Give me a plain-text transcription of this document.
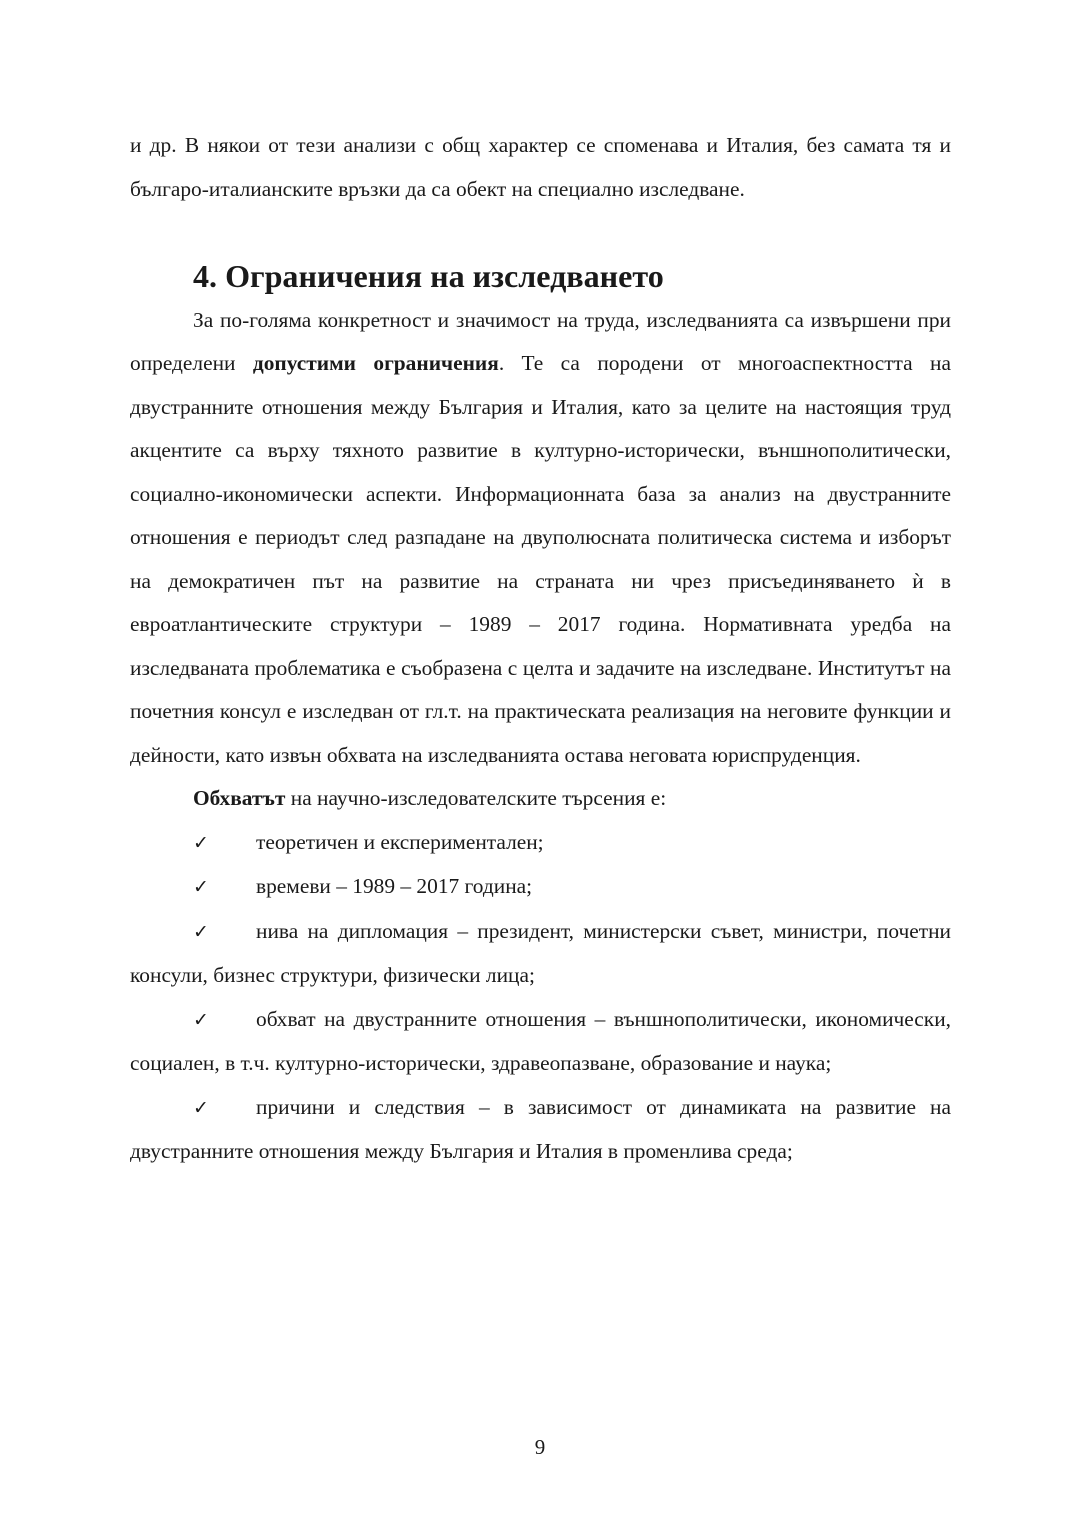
и др. В някои от тези анализи с общ характер се споменава и Италия, без самата тя и българо-италианските връзки да са обект на специално изследване.

4. Ограничения на изследването

За по-голяма конкретност и значимост на труда, изследванията са извършени при определени допустими ограничения. Те са породени от многоаспектността на двустранните отношения между България и Италия, като за целите на настоящия труд акцентите са върху тяхното развитие в културно-исторически, външнополитически, социално-икономически аспекти. Информационната база за анализ на двустранните отношения е периодът след разпадане на двуполюсната политическа система и изборът на демократичен път на развитие на страната ни чрез присъединяването ѝ в евроатлантическите структури – 1989 – 2017 година. Нормативната уредба на изследваната проблематика е съобразена с целта и задачите на изследване. Институтът на почетния консул е изследван от гл.т. на практическата реализация на неговите функции и дейности, като извън обхвата на изследванията остава неговата юриспруденция.

Обхватът на научно-изследователските търсения е:

✓ теоретичен и експериментален;

✓ времеви – 1989 – 2017 година;

✓ нива на дипломация – президент, министерски съвет, министри, почетни консули, бизнес структури, физически лица;

✓ обхват на двустранните отношения – външнополитически, икономически, социален, в т.ч. културно-исторически, здравеопазване, образование и наука;

✓ причини и следствия – в зависимост от динамиката на развитие на двустранните отношения между България и Италия в променлива среда;

9
